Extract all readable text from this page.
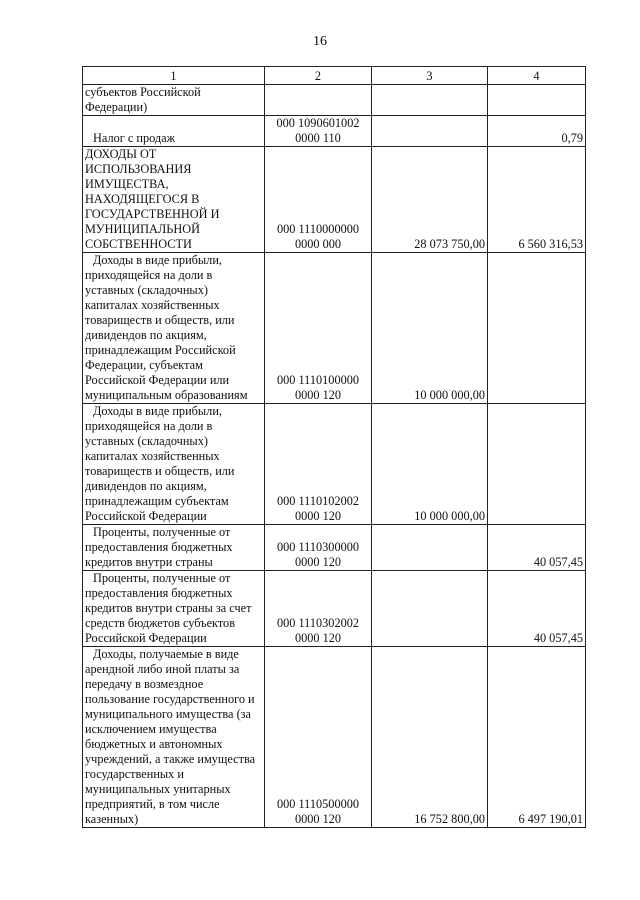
16
1	2	3	4
субъектов Российской Федерации)			
Налог с продаж	000 1090601002
0000 110		0,79
ДОХОДЫ ОТ ИСПОЛЬЗОВАНИЯ ИМУЩЕСТВА, НАХОДЯЩЕГОСЯ В ГОСУДАРСТВЕННОЙ И МУНИЦИПАЛЬНОЙ СОБСТВЕННОСТИ	000 1110000000
0000 000	28 073 750,00	6 560 316,53
Доходы в виде прибыли, приходящейся на доли в уставных (складочных) капиталах хозяйственных товариществ и обществ, или дивидендов по акциям, принадлежащим Российской Федерации, субъектам Российской Федерации или муниципальным образованиям	000 1110100000
0000 120	10 000 000,00	
Доходы в виде прибыли, приходящейся на доли в уставных (складочных) капиталах хозяйственных товариществ и обществ, или дивидендов по акциям, принадлежащим субъектам Российской Федерации	000 1110102002
0000 120	10 000 000,00	
Проценты, полученные от предоставления бюджетных кредитов внутри страны	000 1110300000
0000 120		40 057,45
Проценты, полученные от предоставления бюджетных кредитов внутри страны за счет средств бюджетов субъектов Российской Федерации	000 1110302002
0000 120		40 057,45
Доходы, получаемые в виде арендной либо иной платы за передачу в возмездное пользование государственного и муниципального имущества (за исключением имущества бюджетных и автономных учреждений, а также имущества государственных и муниципальных унитарных предприятий, в том числе казенных)	000 1110500000
0000 120	16 752 800,00	6 497 190,01
